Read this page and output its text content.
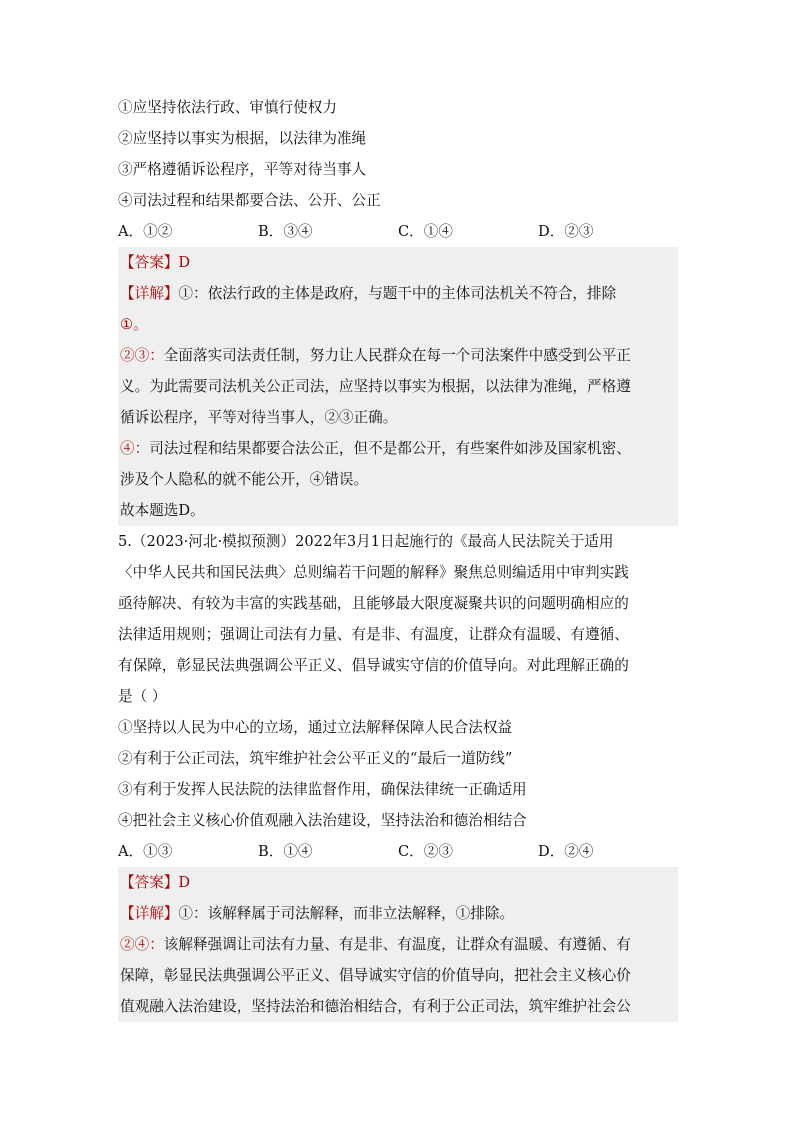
①应坚持依法行政、审慎行使权力
②应坚持以事实为根据，以法律为准绳
③严格遵循诉讼程序，平等对待当事人
④司法过程和结果都要合法、公开、公正
A．①②	B．③④	C．①④	D．②③
【答案】D
【详解】①：依法行政的主体是政府，与题干中的主体司法机关不符合，排除
①。
②③：全面落实司法责任制，努力让人民群众在每一个司法案件中感受到公平正
义。为此需要司法机关公正司法，应坚持以事实为根据，以法律为准绳，严格遵
循诉讼程序，平等对待当事人，②③正确。
④：司法过程和结果都要合法公正，但不是都公开，有些案件如涉及国家机密、
涉及个人隐私的就不能公开，④错误。
故本题选D。
5.（2023·河北·模拟预测）2022年3月1日起施行的《最高人民法院关于适用
〈中华人民共和国民法典〉总则编若干问题的解释》聚焦总则编适用中审判实践
亟待解决、有较为丰富的实践基础，且能够最大限度凝聚共识的问题明确相应的
法律适用规则；强调让司法有力量、有是非、有温度，让群众有温暖、有遵循、
有保障，彰显民法典强调公平正义、倡导诚实守信的价值导向。对此理解正确的
是（ ）
①坚持以人民为中心的立场，通过立法解释保障人民合法权益
②有利于公正司法，筑牢维护社会公平正义的“最后一道防线”
③有利于发挥人民法院的法律监督作用，确保法律统一正确适用
④把社会主义核心价值观融入法治建设，坚持法治和德治相结合
A．①③	B．①④	C．②③	D．②④
【答案】D
【详解】①：该解释属于司法解释，而非立法解释，①排除。
②④：该解释强调让司法有力量、有是非、有温度，让群众有温暖、有遵循、有
保障，彰显民法典强调公平正义、倡导诚实守信的价值导向，把社会主义核心价
值观融入法治建设，坚持法治和德治相结合，有利于公正司法，筑牢维护社会公
